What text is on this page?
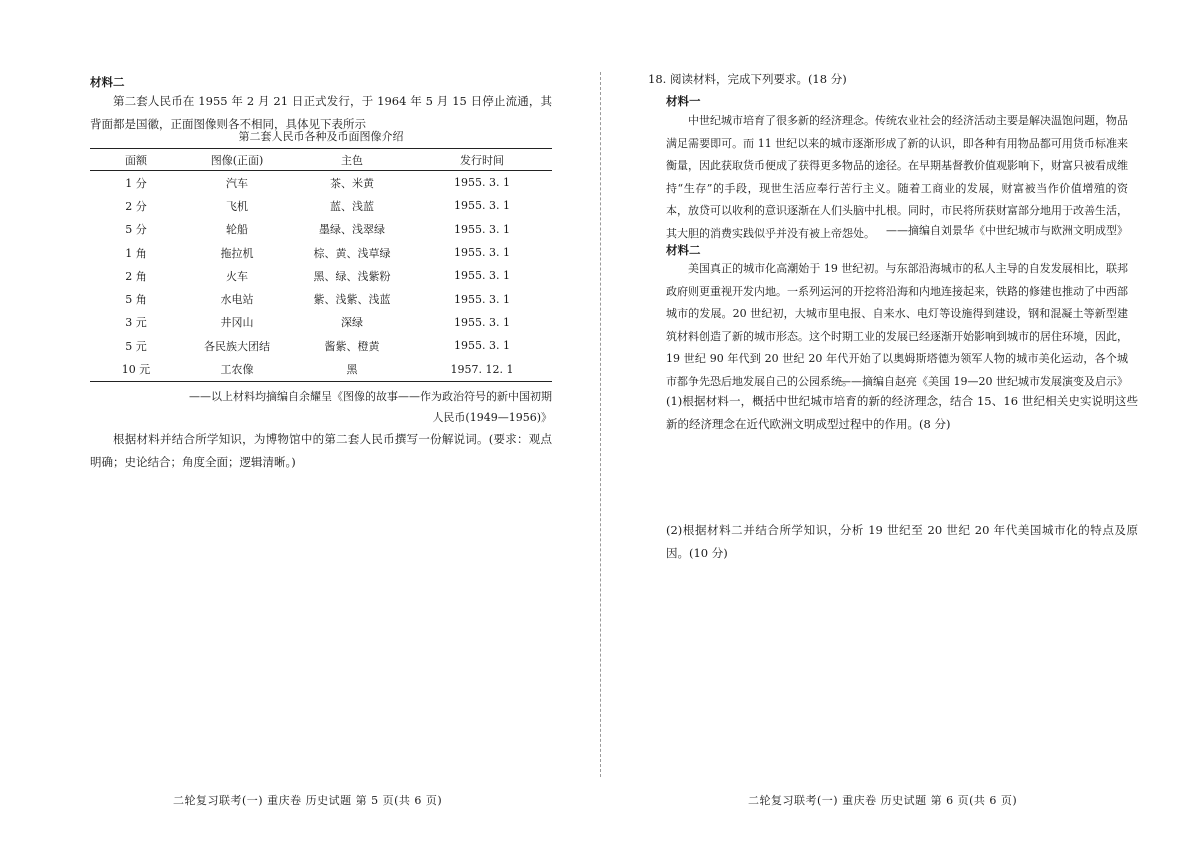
材料二

第二套人民币在 1955 年 2 月 21 日正式发行，于 1964 年 5 月 15 日停止流通，其背面都是国徽，正面图像则各不相同，具体见下表所示

第二套人民币各种及币面图像介绍
面额	图像(正面)	主色	发行时间
1 分	汽车	茶、米黄	1955. 3. 1
2 分	飞机	蓝、浅蓝	1955. 3. 1
5 分	轮船	墨绿、浅翠绿	1955. 3. 1
1 角	拖拉机	棕、黄、浅草绿	1955. 3. 1
2 角	火车	黑、绿、浅紫粉	1955. 3. 1
5 角	水电站	紫、浅紫、浅蓝	1955. 3. 1
3 元	井冈山	深绿	1955. 3. 1
5 元	各民族大团结	酱紫、橙黄	1955. 3. 1
10 元	工农像	黑	1957. 12. 1
——以上材料均摘编自余耀呈《图像的故事——作为政治符号的新中国初期
人民币(1949—1956)》

根据材料并结合所学知识，为博物馆中的第二套人民币撰写一份解说词。(要求：观点明确；史论结合；角度全面；逻辑清晰。)

二轮复习联考(一) 重庆卷 历史试题 第 5 页(共 6 页)
18. 阅读材料，完成下列要求。(18 分)
材料一

中世纪城市培育了很多新的经济理念。传统农业社会的经济活动主要是解决温饱问题，物品满足需要即可。而 11 世纪以来的城市逐渐形成了新的认识，即各种有用物品都可用货币标准来衡量，因此获取货币便成了获得更多物品的途径。在早期基督教价值观影响下，财富只被看成维持“生存”的手段，现世生活应奉行苦行主义。随着工商业的发展，财富被当作价值增殖的资本，放贷可以收利的意识逐渐在人们头脑中扎根。同时，市民将所获财富部分地用于改善生活，其大胆的消费实践似乎并没有被上帝怨处。	——摘编自刘景华《中世纪城市与欧洲文明成型》
材料二

美国真正的城市化高潮始于 19 世纪初。与东部沿海城市的私人主导的自发发展相比，联邦政府则更重视开发内地。一系列运河的开挖将沿海和内地连接起来，铁路的修建也推动了中西部城市的发展。20 世纪初，大城市里电报、自来水、电灯等设施得到建设，钢和混凝土等新型建筑材料创造了新的城市形态。这个时期工业的发展已经逐渐开始影响到城市的居住环境，因此，19 世纪 90 年代到 20 世纪 20 年代开始了以奥姆斯塔德为领军人物的城市美化运动，各个城市都争先恐后地发展自己的公园系统。

——摘编自赵亮《美国 19—20 世纪城市发展演变及启示》

(1)根据材料一，概括中世纪城市培育的新的经济理念，结合 15、16 世纪相关史实说明这些新的经济理念在近代欧洲文明成型过程中的作用。(8 分)

(2)根据材料二并结合所学知识，分析 19 世纪至 20 世纪 20 年代美国城市化的特点及原因。(10 分)

二轮复习联考(一) 重庆卷 历史试题 第 6 页(共 6 页)
